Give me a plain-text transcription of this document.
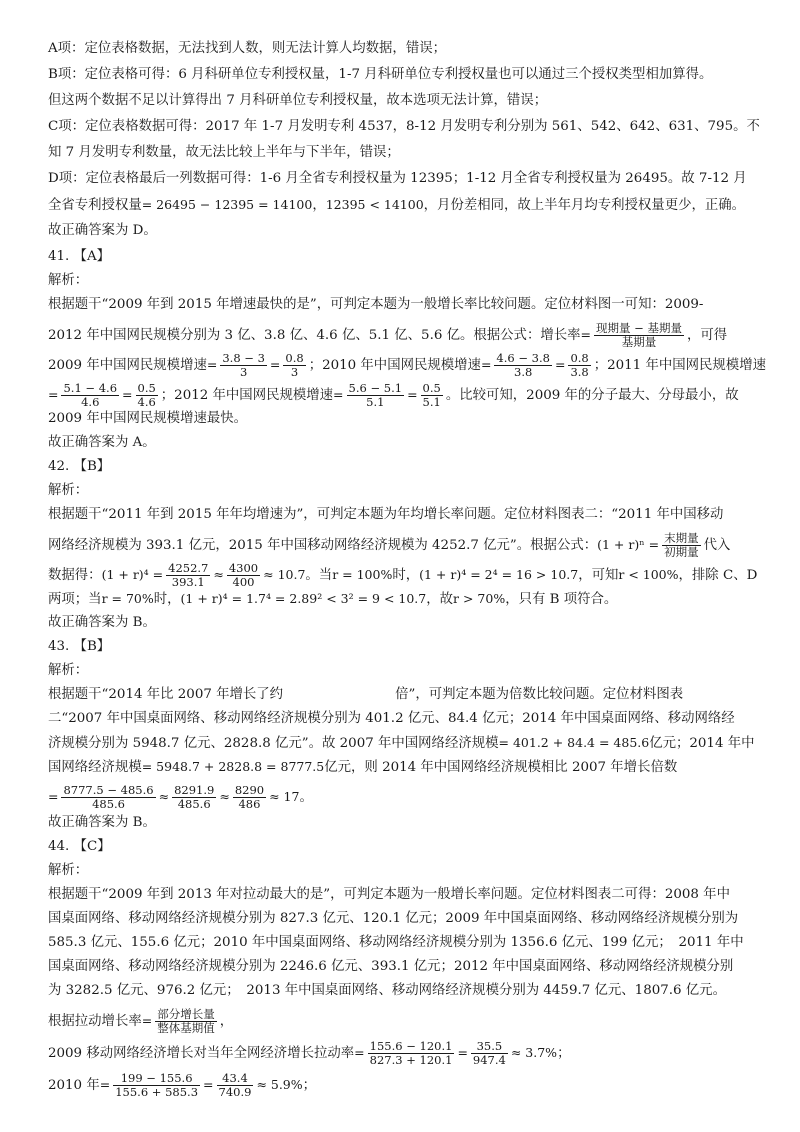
A项：定位表格数据，无法找到人数，则无法计算人均数据，错误；
B项：定位表格可得：6 月科研单位专利授权量，1-7 月科研单位专利授权量也可以通过三个授权类型相加算得。
但这两个数据不足以计算得出 7 月科研单位专利授权量，故本选项无法计算，错误；
C项：定位表格数据可得：2017 年 1-7 月发明专利 4537，8-12 月发明专利分别为 561、542、642、631、795。不
知 7 月发明专利数量，故无法比较上半年与下半年，错误；
D项：定位表格最后一列数据可得：1-6 月全省专利授权量为 12395；1-12 月全省专利授权量为 26495。故 7-12 月
全省专利授权量= 26495 − 12395 = 14100，12395 < 14100，月份差相同，故上半年月均专利授权量更少，正确。
故正确答案为 D。
41. 【A】
解析：
根据题干“2009 年到 2015 年增速最快的是”，可判定本题为一般增长率比较问题。定位材料图一可知：2009-
2012 年中国网民规模分别为 3 亿、3.8 亿、4.6 亿、5.1 亿、5.6 亿。根据公式：增长率= $\frac{\text{现期量 − 基期量}}{\text{基期量}}$ ，可得
2009 年中国网民规模增速= $\frac{3.8 - 3}{3} = \frac{0.8}{3}$ ；2010 年中国网民规模增速= $\frac{4.6 - 3.8}{3.8} = \frac{0.8}{3.8}$ ；2011 年中国网民规模增速
= $\frac{5.1 - 4.6}{4.6} = \frac{0.5}{4.6}$ ；2012 年中国网民规模增速= $\frac{5.6 - 5.1}{5.1} = \frac{0.5}{5.1}$ 。比较可知，2009 年的分子最大、分母最小，故
2009 年中国网民规模增速最快。
故正确答案为 A。
42. 【B】
解析：
根据题干“2011 年到 2015 年年均增速为”，可判定本题为年均增长率问题。定位材料图表二：“2011 年中国移动
网络经济规模为 393.1 亿元，2015 年中国移动网络经济规模为 4252.7 亿元”。根据公式：$(1 + r)^n = \frac{\text{末期量}}{\text{初期量}}$ 代入
数据得：$(1 + r)^4 = \frac{4252.7}{393.1} \approx \frac{4300}{400} \approx 10.7$。当r = 100%时，(1 + r)⁴ = 2⁴ = 16 > 10.7，可知r < 100%，排除 C、D
两项；当r = 70%时，(1 + r)⁴ = 1.7⁴ = 2.89² < 3² = 9 < 10.7，故r > 70%，只有 B 项符合。
故正确答案为 B。
43. 【B】
解析：
根据题干“2014 年比 2007 年增长了约	倍”，可判定本题为倍数比较问题。定位材料图表
二“2007 年中国桌面网络、移动网络经济规模分别为 401.2 亿元、84.4 亿元；2014 年中国桌面网络、移动网络经
济规模分别为 5948.7 亿元、2828.8 亿元”。故 2007 年中国网络经济规模= 401.2 + 84.4 = 485.6亿元；2014 年中
国网络经济规模= 5948.7 + 2828.8 = 8777.5亿元，则 2014 年中国网络经济规模相比 2007 年增长倍数
= $\frac{8777.5 - 485.6}{485.6} \approx \frac{8291.9}{485.6} \approx \frac{8290}{486} \approx 17$。
故正确答案为 B。
44. 【C】
解析：
根据题干“2009 年到 2013 年对拉动最大的是”，可判定本题为一般增长率问题。定位材料图表二可得：2008 年中
国桌面网络、移动网络经济规模分别为 827.3 亿元、120.1 亿元；2009 年中国桌面网络、移动网络经济规模分别为
585.3 亿元、155.6 亿元；2010 年中国桌面网络、移动网络经济规模分别为 1356.6 亿元、199 亿元；　2011 年中
国桌面网络、移动网络经济规模分别为 2246.6 亿元、393.1 亿元；2012 年中国桌面网络、移动网络经济规模分别
为 3282.5 亿元、976.2 亿元；　2013 年中国桌面网络、移动网络经济规模分别为 4459.7 亿元、1807.6 亿元。
根据拉动增长率= $\frac{\text{部分增长量}}{\text{整体基期值}}$ ，
2009 移动网络经济增长对当年全网经济增长拉动率= $\frac{155.6 - 120.1}{827.3 + 120.1} = \frac{35.5}{947.4} \approx 3.7\%$；
2010 年= $\frac{199 - 155.6}{155.6 + 585.3} = \frac{43.4}{740.9} \approx 5.9\%$；
